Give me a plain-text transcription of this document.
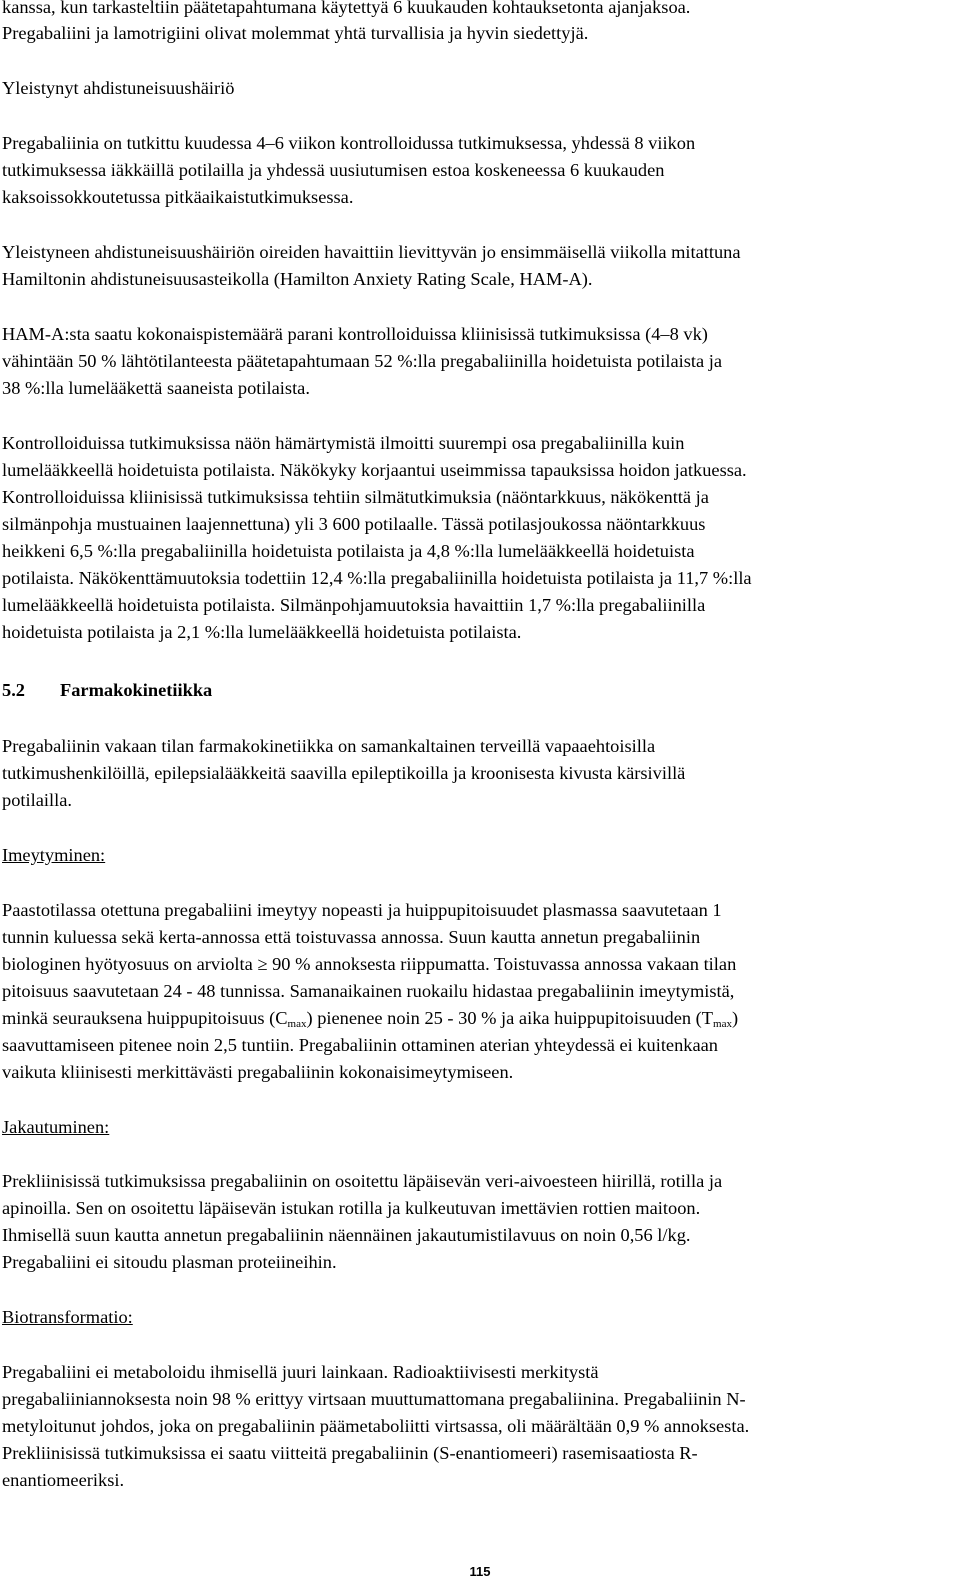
kanssa, kun tarkasteltiin päätetapahtumana käytettyä 6 kuukauden kohtauksetonta ajanjaksoa.
Pregabaliini ja lamotrigiini olivat molemmat yhtä turvallisia ja hyvin siedettyjä.
Yleistynyt ahdistuneisuushäiriö
Pregabaliinia on tutkittu kuudessa 4–6 viikon kontrolloidussa tutkimuksessa, yhdessä 8 viikon
tutkimuksessa iäkkäillä potilailla ja yhdessä uusiutumisen estoa koskeneessa 6 kuukauden
kaksoissokkoutetussa pitkäaikaistutkimuksessa.
Yleistyneen ahdistuneisuushäiriön oireiden havaittiin lievittyvän jo ensimmäisellä viikolla mitattuna
Hamiltonin ahdistuneisuusasteikolla (Hamilton Anxiety Rating Scale, HAM-A).
HAM-A:sta saatu kokonaispistemäärä parani kontrolloiduissa kliinisissä tutkimuksissa (4–8 vk)
vähintään 50 % lähtötilanteesta päätetapahtumaan 52 %:lla pregabaliinilla hoidetuista potilaista ja
38 %:lla lumelääkettä saaneista potilaista.
Kontrolloiduissa tutkimuksissa näön hämärtymistä ilmoitti suurempi osa pregabaliinilla kuin
lumelääkkeellä hoidetuista potilaista. Näkökyky korjaantui useimmissa tapauksissa hoidon jatkuessa.
Kontrolloiduissa kliinisissä tutkimuksissa tehtiin silmätutkimuksia (näöntarkkuus, näkökenttä ja
silmänpohja mustuainen laajennettuna) yli 3 600 potilaalle. Tässä potilasjoukossa näöntarkkuus
heikkeni 6,5 %:lla pregabaliinilla hoidetuista potilaista ja 4,8 %:lla lumelääkkeellä hoidetuista
potilaista. Näkökenttämuutoksia todettiin 12,4 %:lla pregabaliinilla hoidetuista potilaista ja 11,7 %:lla
lumelääkkeellä hoidetuista potilaista. Silmänpohjamuutoksia havaittiin 1,7 %:lla pregabaliinilla
hoidetuista potilaista ja 2,1 %:lla lumelääkkeellä hoidetuista potilaista.
5.2 Farmakokinetiikka
Pregabaliinin vakaan tilan farmakokinetiikka on samankaltainen terveillä vapaaehtoisilla
tutkimushenkilöillä, epilepsialääkkeitä saavilla epileptikoilla ja kroonisesta kivusta kärsivillä
potilailla.
Imeytyminen:
Paastotilassa otettuna pregabaliini imeytyy nopeasti ja huippupitoisuudet plasmassa saavutetaan 1
tunnin kuluessa sekä kerta-annossa että toistuvassa annossa. Suun kautta annetun pregabaliinin
biologinen hyötyosuus on arviolta ≥ 90 % annoksesta riippumatta. Toistuvassa annossa vakaan tilan
pitoisuus saavutetaan 24 - 48 tunnissa. Samanaikainen ruokailu hidastaa pregabaliinin imeytymistä,
minkä seurauksena huippupitoisuus $(C_{max})$ pienenee noin 25 - 30 % ja aika huippupitoisuuden $(T_{max})$
saavuttamiseen pitenee noin 2,5 tuntiin. Pregabaliinin ottaminen aterian yhteydessä ei kuitenkaan
vaikuta kliinisesti merkittävästi pregabaliinin kokonaisimeytymiseen.
Jakautuminen:
Prekliinisissä tutkimuksissa pregabaliinin on osoitettu läpäisevän veri-aivoesteen hiirillä, rotilla ja
apinoilla. Sen on osoitettu läpäisevän istukan rotilla ja kulkeutuvan imettävien rottien maitoon.
Ihmisellä suun kautta annetun pregabaliinin näennäinen jakautumistilavuus on noin 0,56 l/kg.
Pregabaliini ei sitoudu plasman proteiineihin.
Biotransformatio:
Pregabaliini ei metaboloidu ihmisellä juuri lainkaan. Radioaktiivisesti merkitystä
pregabaliiniannoksesta noin 98 % erittyy virtsaan muuttumattomana pregabaliinina. Pregabaliinin N-
metyloitunut johdos, joka on pregabaliinin päämetaboliitti virtsassa, oli määrältään 0,9 % annoksesta.
Prekliinisissä tutkimuksissa ei saatu viitteitä pregabaliinin (S-enantiomeeri) rasemisaatiosta R-
enantiomeeriksi.
115
